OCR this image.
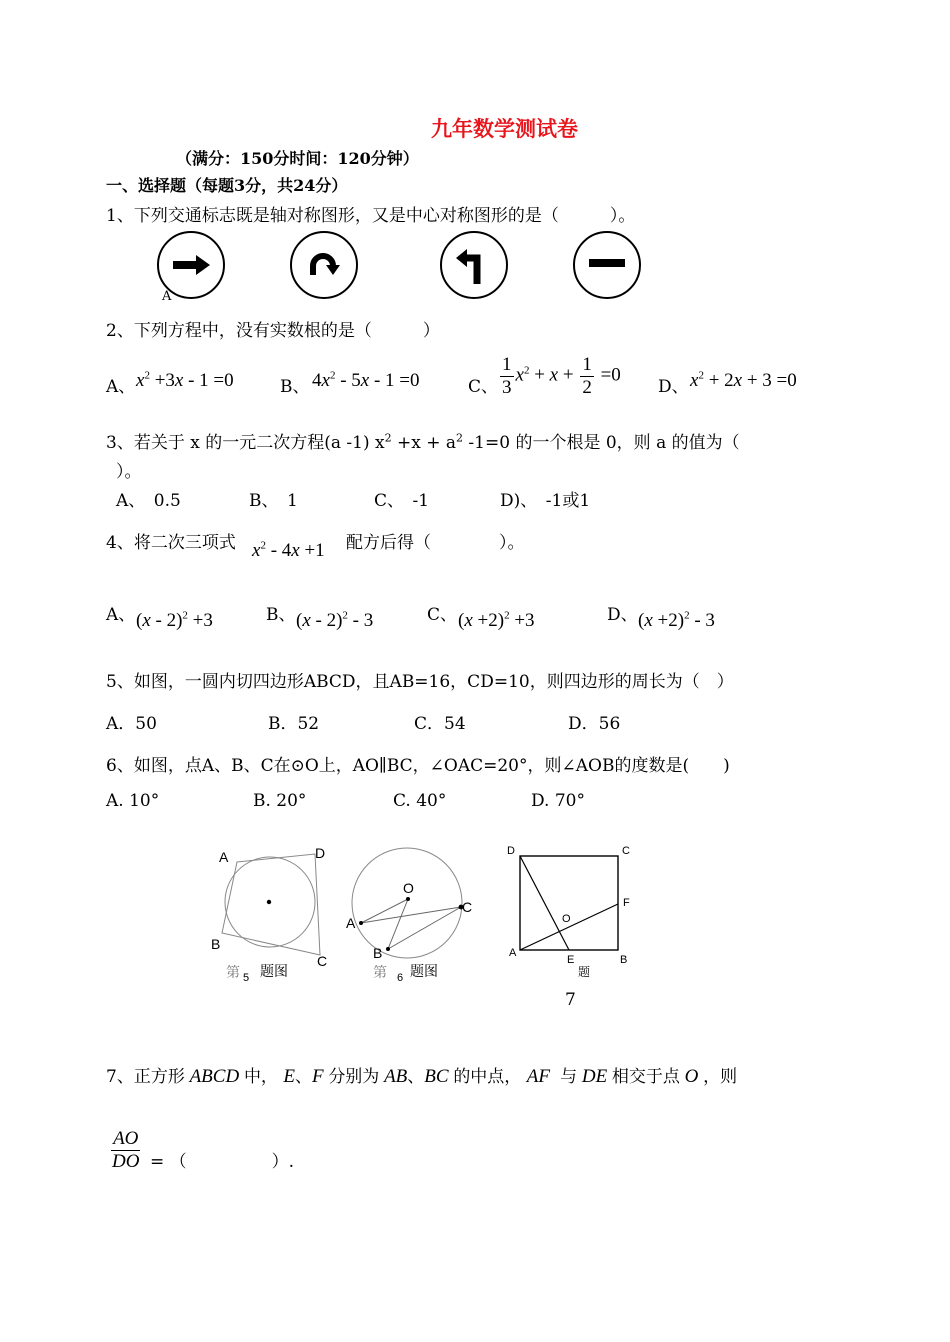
九年数学测试卷
（满分：150分时间：120分钟）
一、选择题（每题3分，共24分）
1、下列交通标志既是轴对称图形，又是中心对称图形的是（　　　）。
A
2、下列方程中，没有实数根的是（　　　）
A、 $x^2 +3x - 1 =0$	B、 $4x^2 - 5x - 1 =0$	C、 $\frac{1}{3} x^2 + x + \frac{1}{2} =0$
D、 $x^2 + 2x + 3 =0$
3、若关于 x 的一元二次方程(a -1) $x^2 +x + a^2$ -1=0 的一个根是 0，则 a 的值为（
）。
A、　0.5	B、　1	C、　-1	D)、　-1或1
4、将二次三项式 $x^2 - 4x +1$ 配方后得（　　　　）。
A、 (x - 2)$^2$ +3	B、 (x - 2)$^2$ - 3	C、 $(x +2)^2 +3$	D、 $(x +2)^2 - 3$
5、如图，一圆内切四边形ABCD，且AB=16，CD=10，则四边形的周长为（　）
A．50	B．52	C．54	D．56
6、如图，点A、B、C在⊙O上，AO∥BC，∠OAC=20°，则∠AOB的度数是(　　)
A. 10°	B. 20°	C. 40°	D. 70°
A	D
B
C
第 题图
5
O
A
C
B
第 题图
6
D	C
F
O
A
E	B
题
7
7、正方形 ABCD 中， E、F 分别为 AB、BC 的中点， AF  与 DE 相交于点 O ，则
$\frac{AO}{DO}$ = （　　　　　）.
